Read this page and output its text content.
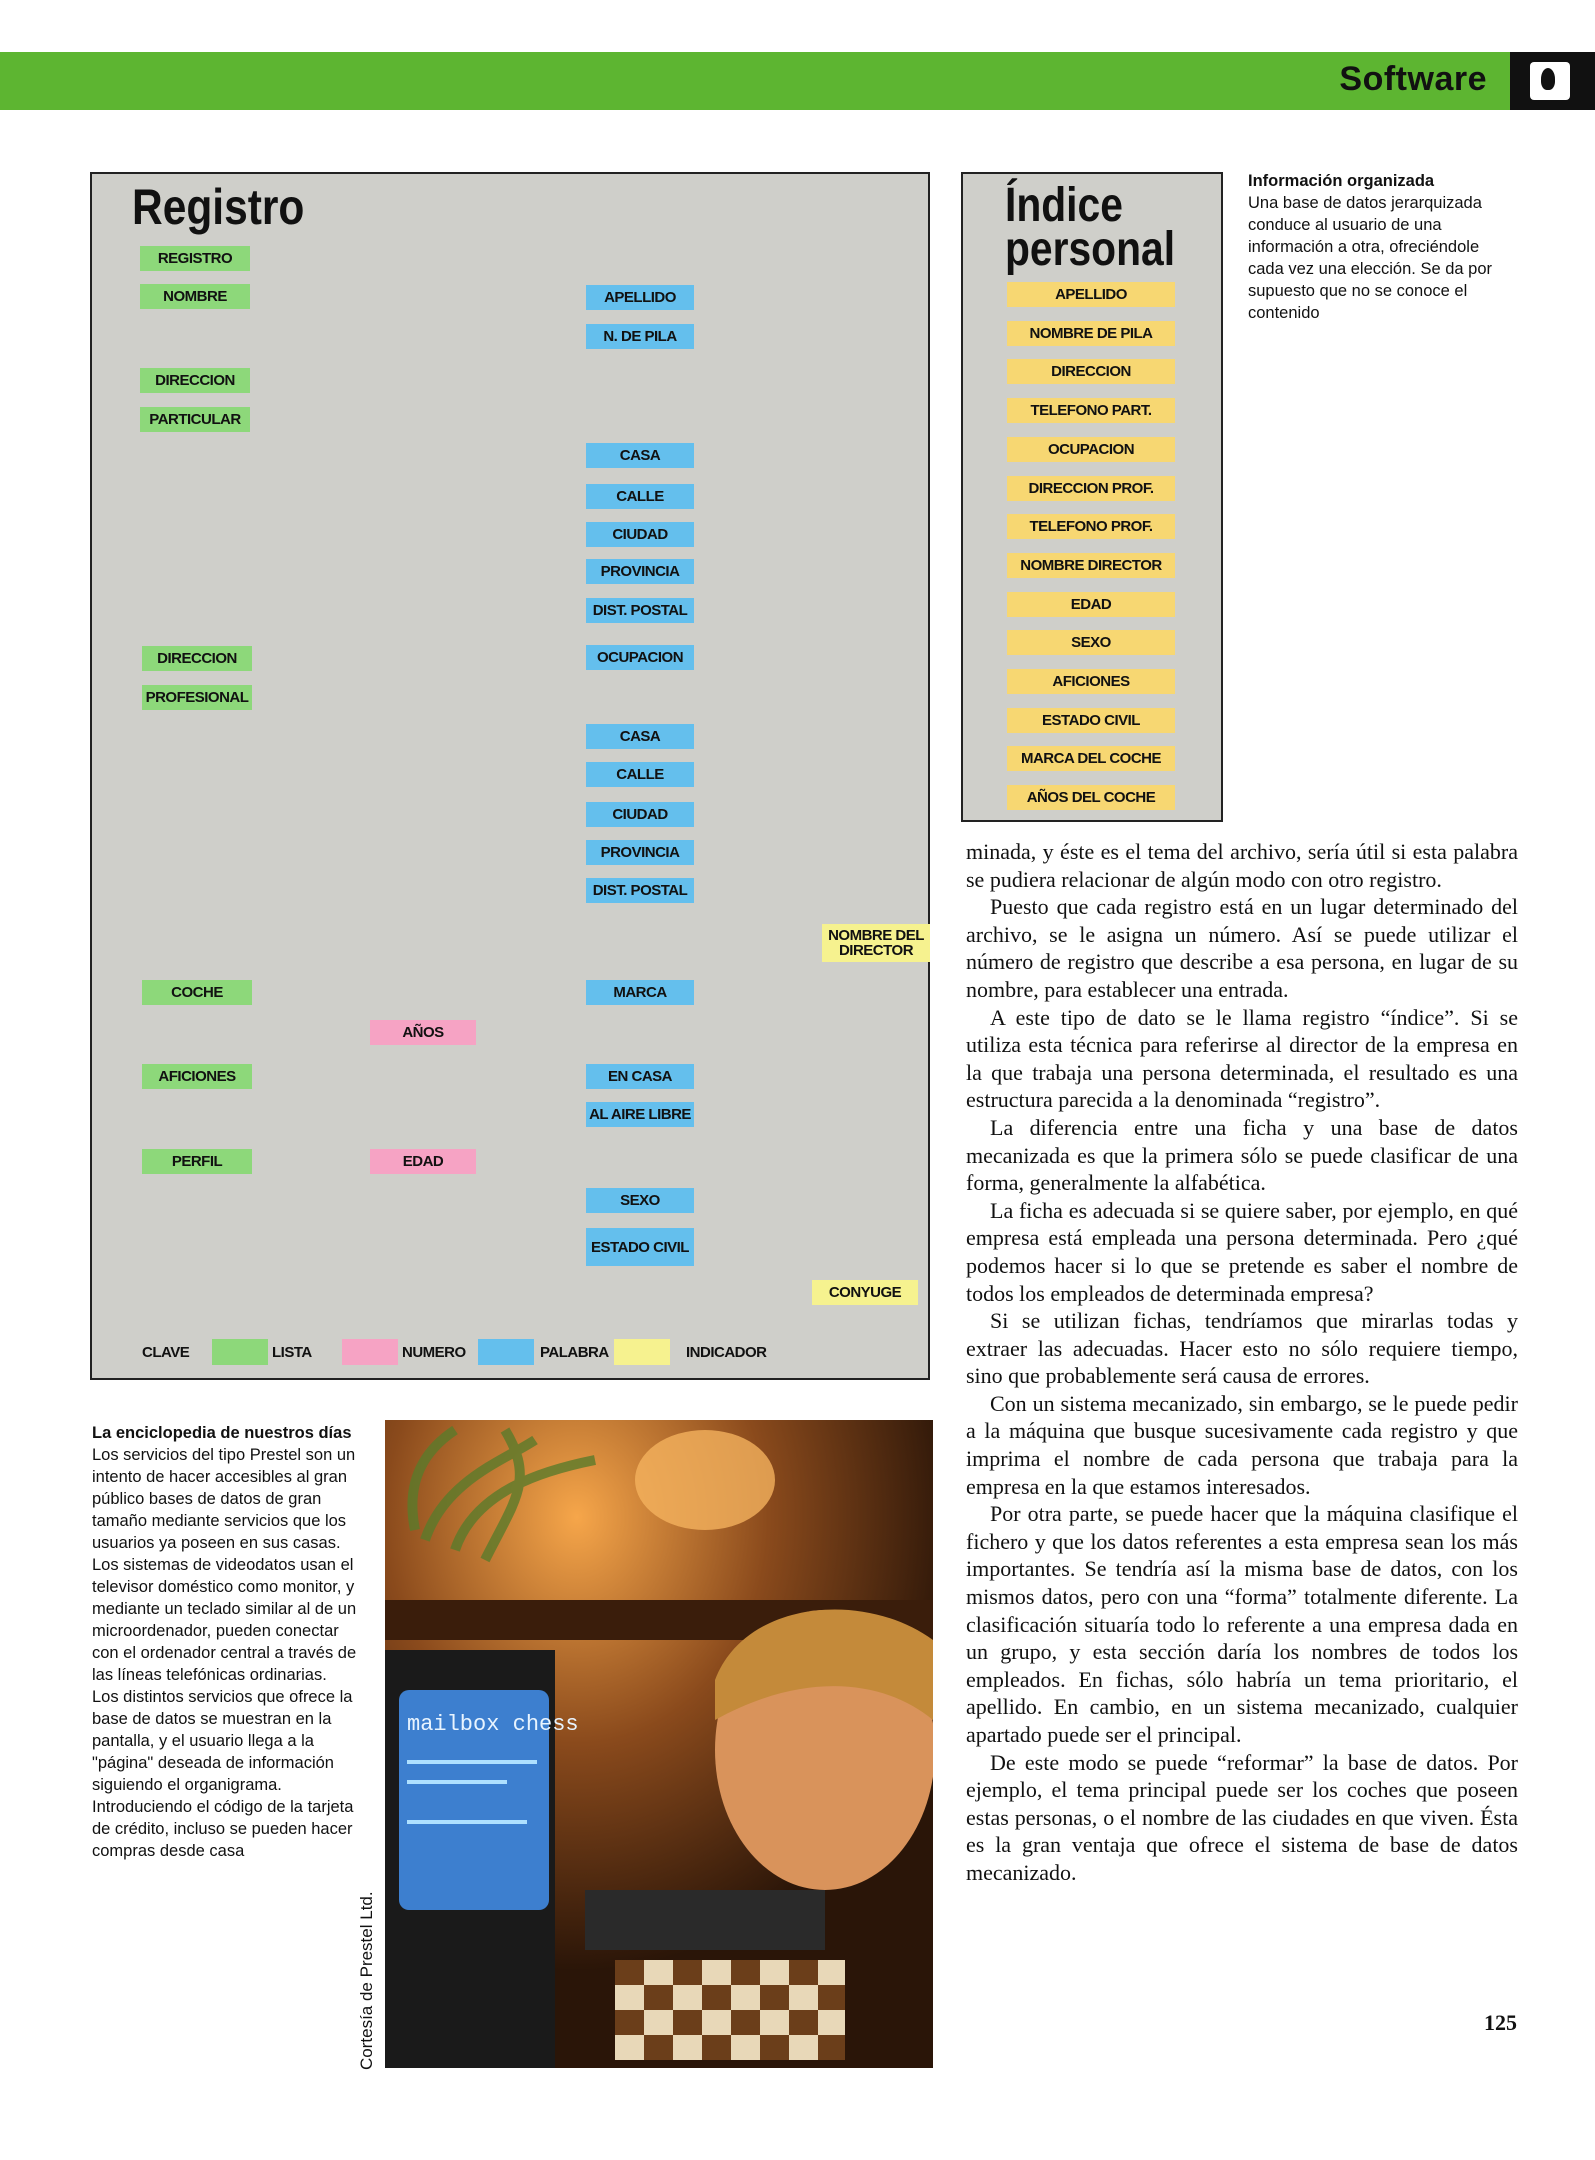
Software
Registro
REGISTRO
NOMBRE	APELLIDO
N. DE PILA
DIRECCION
PARTICULAR
CASA
CALLE
CIUDAD
PROVINCIA
DIST. POSTAL
DIRECCION	OCUPACION
PROFESIONAL
CASA
CALLE
CIUDAD
PROVINCIA
DIST. POSTAL
NOMBRE DEL DIRECTOR
COCHE	MARCA
AÑOS
AFICIONES	EN CASA
AL AIRE LIBRE
PERFIL	EDAD
SEXO
ESTADO CIVIL
CONYUGE
CLAVE	LISTA	NUMERO	PALABRA	INDICADOR
Índice
personal
APELLIDO
NOMBRE DE PILA
DIRECCION
TELEFONO PART.
OCUPACION
DIRECCION PROF.
TELEFONO PROF.
NOMBRE DIRECTOR
EDAD
SEXO
AFICIONES
ESTADO CIVIL
MARCA DEL COCHE
AÑOS DEL COCHE
Información organizada
Una base de datos jerarquizada conduce al usuario de una información a otra, ofreciéndole cada vez una elección. Se da por supuesto que no se conoce el contenido
La enciclopedia de nuestros días
Los servicios del tipo Prestel son un intento de hacer accesibles al gran público bases de datos de gran tamaño mediante servicios que los usuarios ya poseen en sus casas. Los sistemas de videodatos usan el televisor doméstico como monitor, y mediante un teclado similar al de un microordenador, pueden conectar con el ordenador central a través de las líneas telefónicas ordinarias. Los distintos servicios que ofrece la base de datos se muestran en la pantalla, y el usuario llega a la "página" deseada de información siguiendo el organigrama. Introduciendo el código de la tarjeta de crédito, incluso se pueden hacer compras desde casa
mailbox chess
Cortesía de Prestel Ltd.

minada, y éste es el tema del archivo, sería útil si esta palabra se pudiera relacionar de algún modo con otro registro.

Puesto que cada registro está en un lugar determinado del archivo, se le asigna un número. Así se puede utilizar el número de registro que describe a esa persona, en lugar de su nombre, para establecer una entrada.

A este tipo de dato se le llama registro “índice”. Si se utiliza esta técnica para referirse al director de la empresa en la que trabaja una persona determinada, el resultado es una estructura parecida a la denominada “registro”.

La diferencia entre una ficha y una base de datos mecanizada es que la primera sólo se puede clasificar de una forma, generalmente la alfabética.

La ficha es adecuada si se quiere saber, por ejemplo, en qué empresa está empleada una persona determinada. Pero ¿qué podemos hacer si lo que se pretende es saber el nombre de todos los empleados de determinada empresa?

Si se utilizan fichas, tendríamos que mirarlas todas y extraer las adecuadas. Hacer esto no sólo requiere tiempo, sino que probablemente será causa de errores.

Con un sistema mecanizado, sin embargo, se le puede pedir a la máquina que busque sucesivamente cada registro y que imprima el nombre de cada persona que trabaja para la empresa en la que estamos interesados.

Por otra parte, se puede hacer que la máquina clasifique el fichero y que los datos referentes a esta empresa sean los más importantes. Se tendría así la misma base de datos, con los mismos datos, pero con una “forma” totalmente diferente. La clasificación situaría todo lo referente a una empresa dada en un grupo, y esta sección daría los nombres de todos los empleados. En fichas, sólo habría un tema prioritario, el apellido. En cambio, en un sistema mecanizado, cualquier apartado puede ser el principal.

De este modo se puede “reformar” la base de datos. Por ejemplo, el tema principal puede ser los coches que poseen estas personas, o el nombre de las ciudades en que viven. Ésta es la gran ventaja que ofrece el sistema de base de datos mecanizado.

125
